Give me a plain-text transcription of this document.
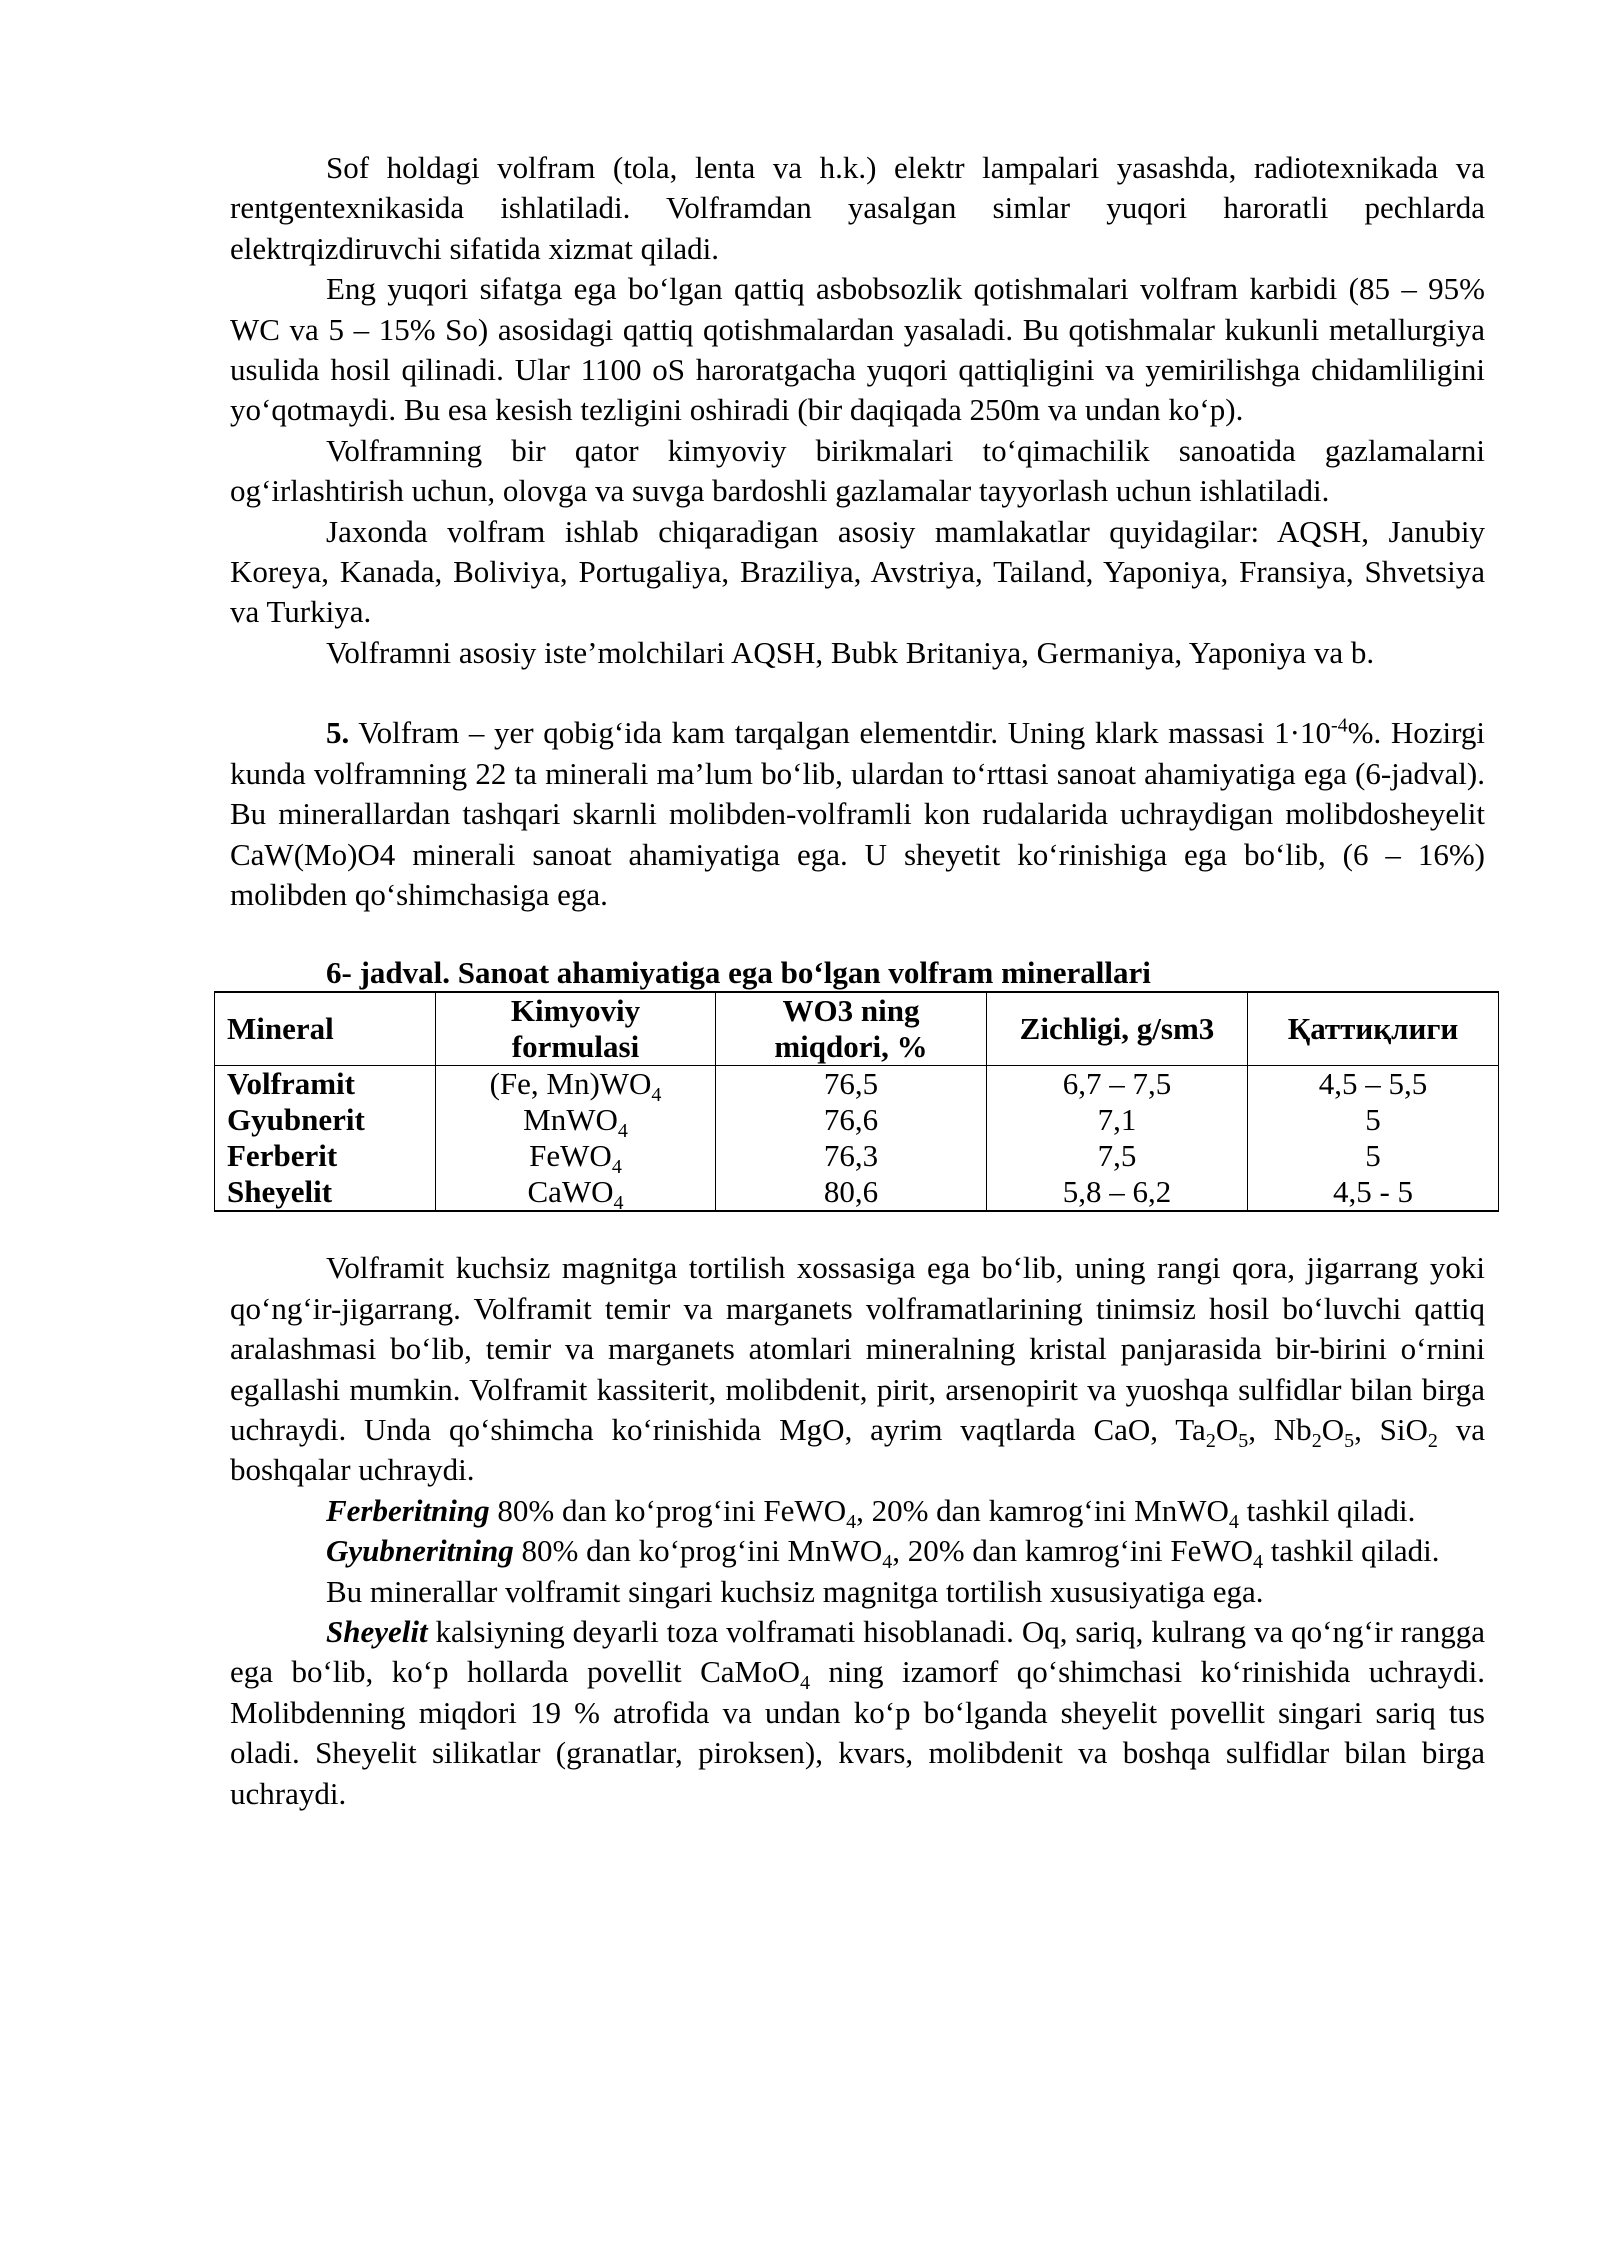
Sof holdagi volfram (tola, lenta va h.k.) elektr lampalari yasashda, radiotexnikada va rentgentexnikasida ishlatiladi. Volframdan yasalgan simlar yuqori haroratli pechlarda elektrqizdiruvchi sifatida xizmat qiladi.

Eng yuqori sifatga ega bo‘lgan qattiq asbobsozlik qotishmalari volfram karbidi (85 – 95% WC va 5 – 15% So) asosidagi qattiq qotishmalardan yasaladi. Bu qotishmalar kukunli metallurgiya usulida hosil qilinadi. Ular 1100 oS haroratgacha yuqori qattiqligini va yemirilishga chidamliligini yo‘qotmaydi. Bu esa kesish tezligini oshiradi (bir daqiqada 250m va undan ko‘p).

Volframning bir qator kimyoviy birikmalari to‘qimachilik sanoatida gazlamalarni og‘irlashtirish uchun, olovga va suvga bardoshli gazlamalar tayyorlash uchun ishlatiladi.

Jaxonda volfram ishlab chiqaradigan asosiy mamlakatlar quyidagilar: AQSH, Janubiy Koreya, Kanada, Boliviya, Portugaliya, Braziliya, Avstriya, Tailand, Yaponiya, Fransiya, Shvetsiya va Turkiya.

Volframni asosiy iste’molchilari AQSH, Bubk Britaniya, Germaniya, Yaponiya va b.

5. Volfram – yer qobig‘ida kam tarqalgan elementdir. Uning klark massasi $1\cdot 10^{-4}\%$. Hozirgi kunda volframning 22 ta minerali ma’lum bo‘lib, ulardan to‘rttasi sanoat ahamiyatiga ega (6-jadval). Bu minerallardan tashqari skarnli molibden-volframli kon rudalarida uchraydigan molibdosheyelit CaW(Mo)O4 minerali sanoat ahamiyatiga ega. U sheyetit ko‘rinishiga ega bo‘lib, (6 – 16%) molibden qo‘shimchasiga ega.

6- jadval. Sanoat ahamiyatiga ega bo‘lgan volfram minerallari
Mineral	Kimyoviy formulasi	WO3 ning miqdori, %	Zichligi, g/sm3	Қаттиқлиги
Volframit	(Fe, $Mn)WO_4$	76,5	6,7 – 7,5	4,5 – 5,5
Gyubnerit	MnWO$_4$	76,6	7,1	5
Ferberit	FeWO$_4$	76,3	7,5	5
Sheyelit	CaWO$_4$	80,6	5,8 – 6,2	4,5 - 5

Volframit kuchsiz magnitga tortilish xossasiga ega bo‘lib, uning rangi qora, jigarrang yoki qo‘ng‘ir-jigarrang. Volframit temir va marganets volframatlarining tinimsiz hosil bo‘luvchi qattiq aralashmasi bo‘lib, temir va marganets atomlari mineralning kristal panjarasida bir-birini o‘rnini egallashi mumkin. Volframit kassiterit, molibdenit, pirit, arsenopirit va yuoshqa sulfidlar bilan birga uchraydi. Unda qo‘shimcha ko‘rinishida MgO, ayrim vaqtlarda CaO, $Ta_2O_5$, $Nb_2O_5$, SiO$_2$ va boshqalar uchraydi.

Ferberitning 80% dan ko‘prog‘ini FeWO$_4$, 20% dan kamrog‘ini MnWO$_4$ tashkil qiladi.

Gyubneritning 80% dan ko‘prog‘ini MnWO$_4$, 20% dan kamrog‘ini FeWO$_4$ tashkil qiladi.

Bu minerallar volframit singari kuchsiz magnitga tortilish xususiyatiga ega.

Sheyelit kalsiyning deyarli toza volframati hisoblanadi. Oq, sariq, kulrang va qo‘ng‘ir rangga ega bo‘lib, ko‘p hollarda povellit CaMoO$_4$ ning izamorf qo‘shimchasi ko‘rinishida uchraydi. Molibdenning miqdori 19 % atrofida va undan ko‘p bo‘lganda sheyelit povellit singari sariq tus oladi. Sheyelit silikatlar (granatlar, piroksen), kvars, molibdenit va boshqa sulfidlar bilan birga uchraydi.
